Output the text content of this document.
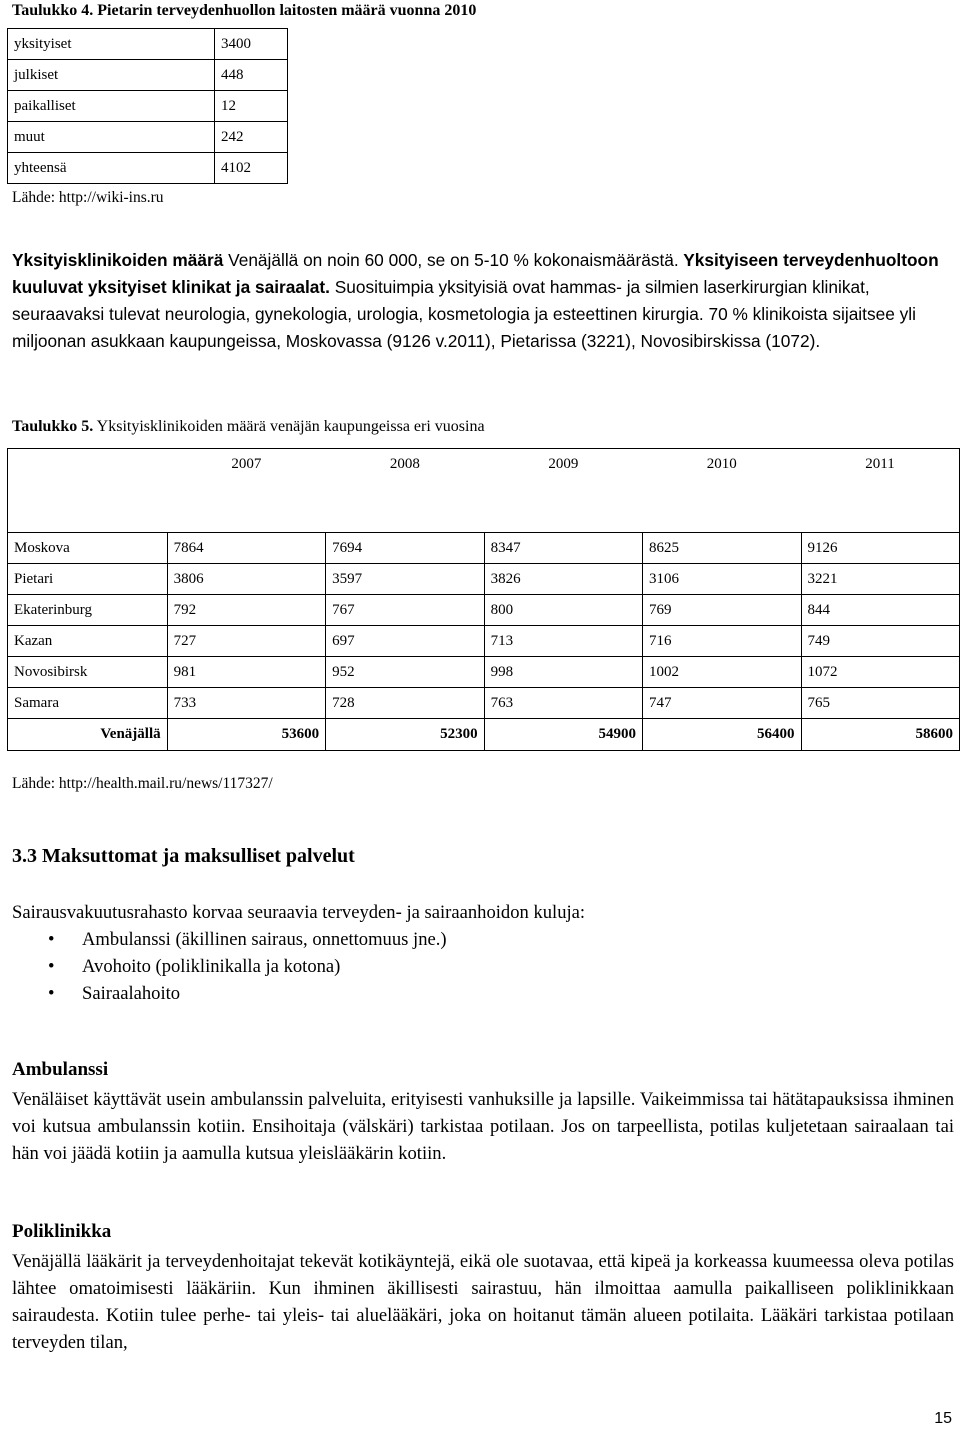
Taulukko 4. Pietarin terveydenhuollon laitosten määrä vuonna 2010
yksityiset	3400
julkiset	448
paikalliset	12
muut	242
yhteensä	4102
Lähde: http://wiki-ins.ru
Yksityisklinikoiden määrä Venäjällä on noin 60 000, se on 5-10 % kokonaismäärästä. Yksityiseen terveydenhuoltoon kuuluvat yksityiset klinikat ja sairaalat. Suosituimpia yksityisiä ovat hammas- ja silmien laserkirurgian klinikat, seuraavaksi tulevat neurologia, gynekologia, urologia, kosmetologia ja esteettinen kirurgia. 70 % klinikoista sijaitsee yli miljoonan asukkaan kaupungeissa, Moskovassa (9126 v.2011), Pietarissa (3221), Novosibirskissa (1072).
Taulukko 5. Yksityisklinikoiden määrä venäjän kaupungeissa eri vuosina
	2007	2008	2009	2010	2011

Moskova	7864	7694	8347	8625	9126
Pietari	3806	3597	3826	3106	3221
Ekaterinburg	792	767	800	769	844
Kazan	727	697	713	716	749
Novosibirsk	981	952	998	1002	1072
Samara	733	728	763	747	765
Venäjällä	53600	52300	54900	56400	58600
Lähde: http://health.mail.ru/news/117327/
3.3 Maksuttomat ja maksulliset palvelut
Sairausvakuutusrahasto korvaa seuraavia terveyden- ja sairaanhoidon kuluja:
• Ambulanssi (äkillinen sairaus, onnettomuus jne.)
• Avohoito (poliklinikalla ja kotona)
• Sairaalahoito
Ambulanssi
Venäläiset käyttävät usein ambulanssin palveluita, erityisesti vanhuksille ja lapsille. Vaikeimmissa tai hätätapauksissa ihminen voi kutsua ambulanssin kotiin. Ensihoitaja (välskäri) tarkistaa potilaan. Jos on tarpeellista, potilas kuljetetaan sairaalaan tai hän voi jäädä kotiin ja aamulla kutsua yleislääkärin kotiin.
Poliklinikka
Venäjällä lääkärit ja terveydenhoitajat tekevät kotikäyntejä, eikä ole suotavaa, että kipeä ja korkeassa kuumeessa oleva potilas lähtee omatoimisesti lääkäriin. Kun ihminen äkillisesti sairastuu, hän ilmoittaa aamulla paikalliseen poliklinikkaan sairaudesta. Kotiin tulee perhe- tai yleis- tai aluelääkäri, joka on hoitanut tämän alueen potilaita. Lääkäri tarkistaa potilaan terveyden tilan,
15
